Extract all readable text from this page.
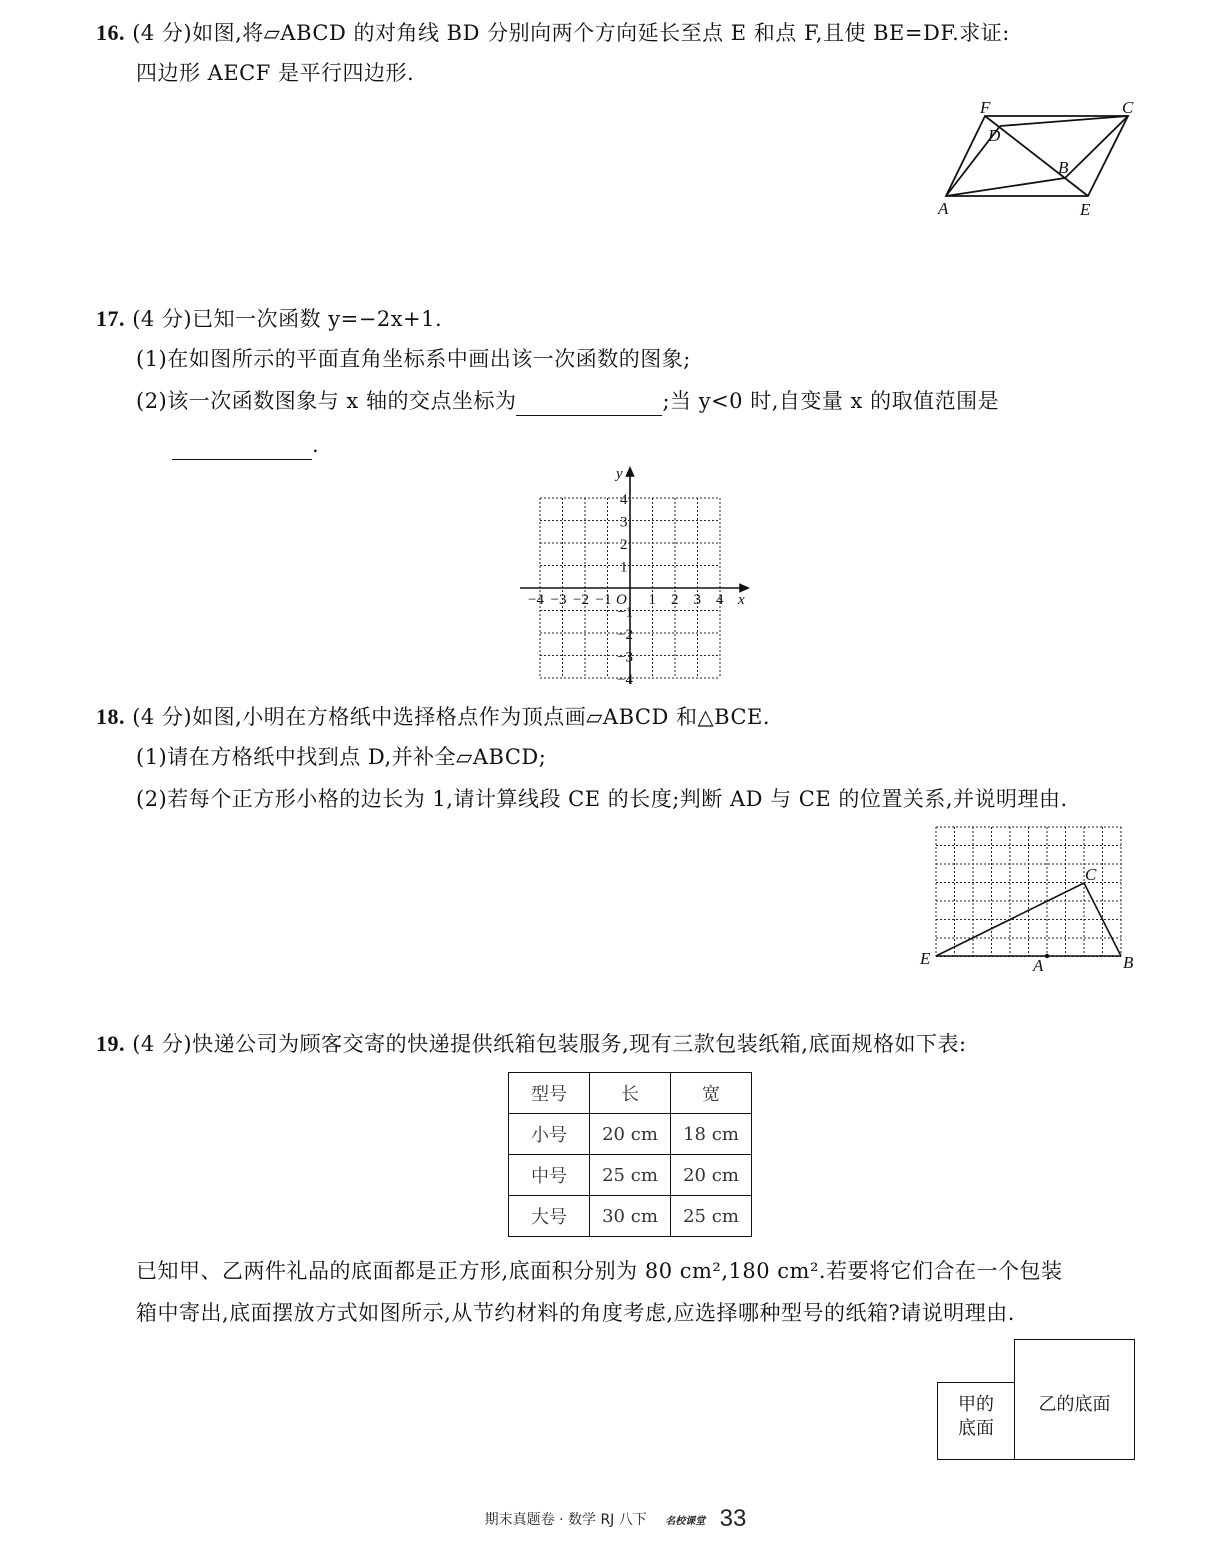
16. (4 分)如图,将▱ABCD 的对角线 BD 分别向两个方向延长至点 E 和点 F,且使 BE=DF.求证:
四边形 AECF 是平行四边形.
F	C
D
B
A	E
17. (4 分)已知一次函数 y=−2x+1.
(1)在如图所示的平面直角坐标系中画出该一次函数的图象;
(2)该一次函数图象与 x 轴的交点坐标为	;当 y<0 时,自变量 x 的取值范围是
.
−4 −3 −2 −1 1 2 3 4
4
3
2
1
−1
−2
−3
−4
O	x
y
18. (4 分)如图,小明在方格纸中选择格点作为顶点画▱ABCD 和△BCE.
(1)请在方格纸中找到点 D,并补全▱ABCD;
(2)若每个正方形小格的边长为 1,请计算线段 CE 的长度;判断 AD 与 CE 的位置关系,并说明理由.
E
C
A	B
19. (4 分)快递公司为顾客交寄的快递提供纸箱包装服务,现有三款包装纸箱,底面规格如下表:
型号	长	宽
小号	20 cm	18 cm
中号	25 cm	20 cm
大号	30 cm	25 cm
已知甲、乙两件礼品的底面都是正方形,底面积分别为 80 cm²,180 cm².若要将它们合在一个包装
箱中寄出,底面摆放方式如图所示,从节约材料的角度考虑,应选择哪种型号的纸箱?请说明理由.
甲的
底面
乙的底面
期末真题卷 · 数学 RJ 八下 名校课堂 33
